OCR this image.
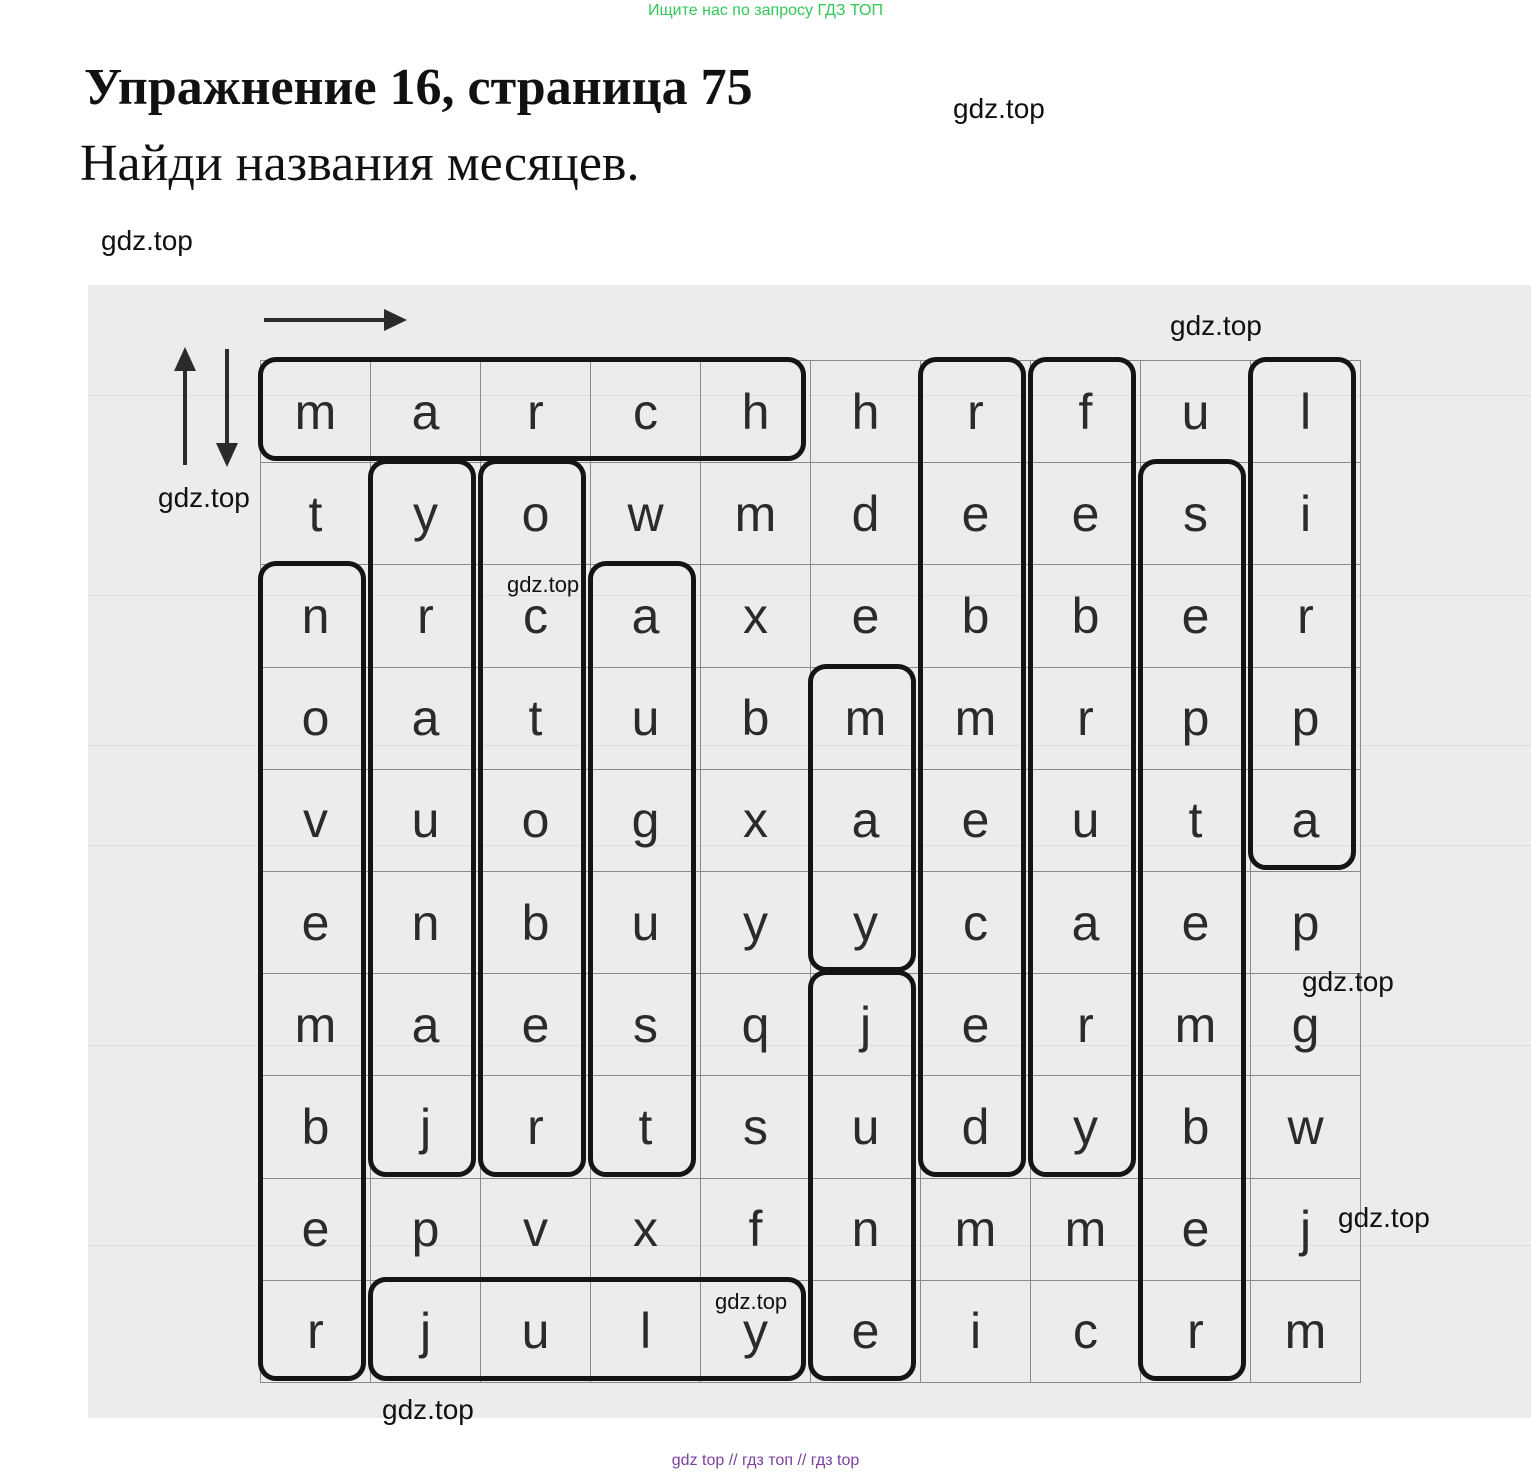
Ищите нас по запросу ГДЗ ТОП
Упражнение 16, страница 75
Найди названия месяцев.
m	a	r	c	h	h	r	f	u	l
t	y	o	w	m	d	e	e	s	i
n	r	c	a	x	e	b	b	e	r
o	a	t	u	b	m	m	r	p	p
v	u	o	g	x	a	e	u	t	a
e	n	b	u	y	y	c	a	e	p
m	a	e	s	q	j	e	r	m	g
b	j	r	t	s	u	d	y	b	w
e	p	v	x	f	n	m	m	e	j
r	j	u	l	y	e	i	c	r	m
gdz.top
gdz.top
gdz.top
gdz.top
gdz.top
gdz.top
gdz.top
gdz.top
gdz.top
gdz top // гдз топ // гдз top
